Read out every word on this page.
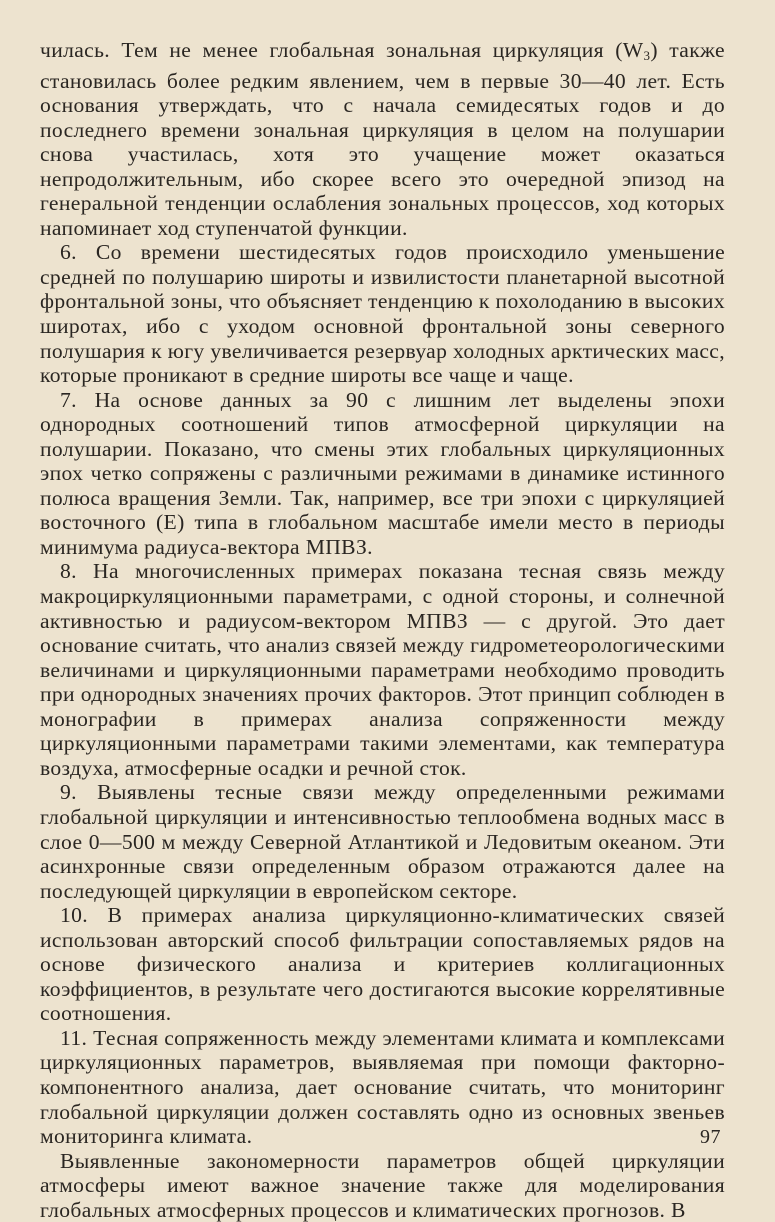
чилась. Тем не менее глобальная зональная циркуляция $(W_3)$ также становилась более редким явлением, чем в первые 30—40 лет. Есть основания утверждать, что с начала семидесятых годов и до последнего времени зональная циркуляция в целом на полушарии снова участилась, хотя это учащение может оказаться непродолжительным, ибо скорее всего это очередной эпизод на генеральной тенденции ослабления зональных процессов, ход которых напоминает ход ступенчатой функции.

6. Со времени шестидесятых годов происходило уменьшение средней по полушарию широты и извилистости планетарной высотной фронтальной зоны, что объясняет тенденцию к похолоданию в высоких широтах, ибо с уходом основной фронтальной зоны северного полушария к югу увеличивается резервуар холодных арктических масс, которые проникают в средние широты все чаще и чаще.

7. На основе данных за 90 с лишним лет выделены эпохи однородных соотношений типов атмосферной циркуляции на полушарии. Показано, что смены этих глобальных циркуляционных эпох четко сопряжены с различными режимами в динамике истинного полюса вращения Земли. Так, например, все три эпохи с циркуляцией восточного (Е) типа в глобальном масштабе имели место в периоды минимума радиуса-вектора МПВЗ.

8. На многочисленных примерах показана тесная связь между макроциркуляционными параметрами, с одной стороны, и солнечной активностью и радиусом-вектором МПВЗ — с другой. Это дает основание считать, что анализ связей между гидрометеорологическими величинами и циркуляционными параметрами необходимо проводить при однородных значениях прочих факторов. Этот принцип соблюден в монографии в примерах анализа сопряженности между циркуляционными параметрами такими элементами, как температура воздуха, атмосферные осадки и речной сток.

9. Выявлены тесные связи между определенными режимами глобальной циркуляции и интенсивностью теплообмена водных масс в слое 0—500 м между Северной Атлантикой и Ледовитым океаном. Эти асинхронные связи определенным образом отражаются далее на последующей циркуляции в европейском секторе.

10. В примерах анализа циркуляционно-климатических связей использован авторский способ фильтрации сопоставляемых рядов на основе физического анализа и критериев коллигационных коэффициентов, в результате чего достигаются высокие коррелятивные соотношения.

11. Тесная сопряженность между элементами климата и комплексами циркуляционных параметров, выявляемая при помощи факторно-компонентного анализа, дает основание считать, что мониторинг глобальной циркуляции должен составлять одно из основных звеньев мониторинга климата.

Выявленные закономерности параметров общей циркуляции атмосферы имеют важное значение также для моделирования глобальных атмосферных процессов и климатических прогнозов. В

97
